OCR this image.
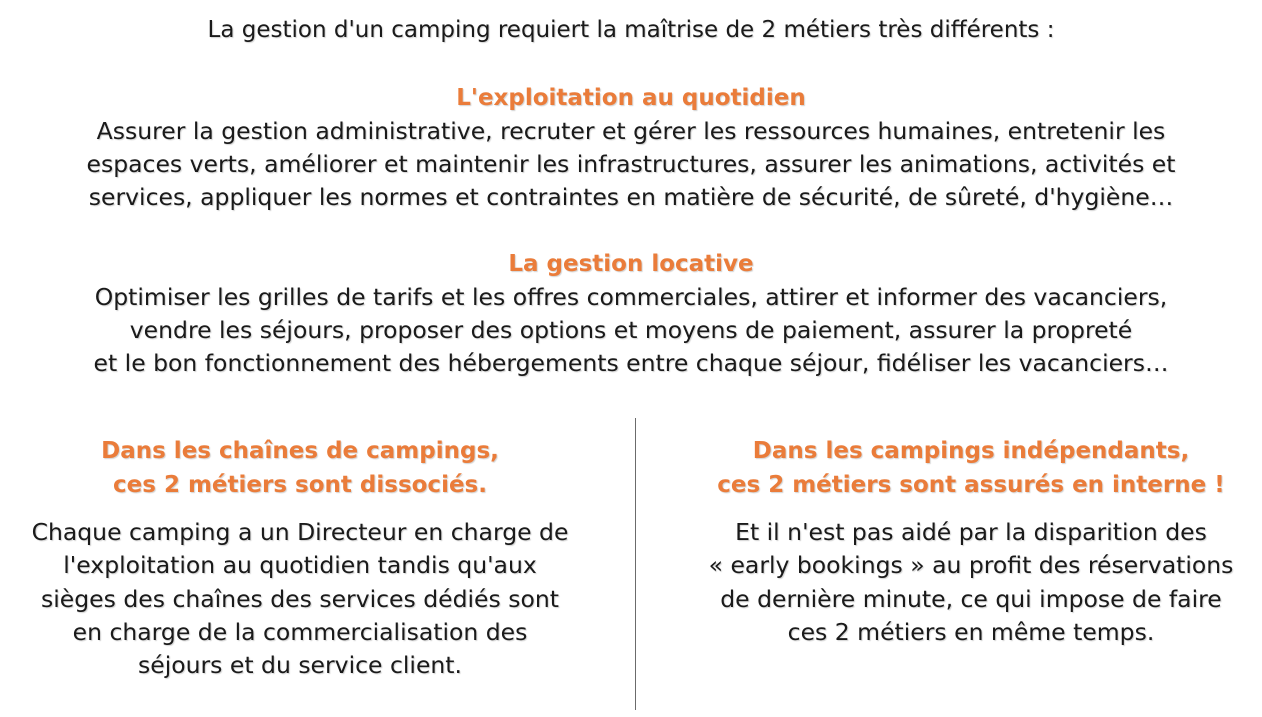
La gestion d'un camping requiert la maîtrise de 2 métiers très différents :
L'exploitation au quotidien
Assurer la gestion administrative, recruter et gérer les ressources humaines, entretenir les
espaces verts, améliorer et maintenir les infrastructures, assurer les animations, activités et
services, appliquer les normes et contraintes en matière de sécurité, de sûreté, d'hygiène…
La gestion locative
Optimiser les grilles de tarifs et les offres commerciales, attirer et informer des vacanciers,
vendre les séjours, proposer des options et moyens de paiement, assurer la propreté
et le bon fonctionnement des hébergements entre chaque séjour, fidéliser les vacanciers…
Dans les chaînes de campings,
ces 2 métiers sont dissociés.
Chaque camping a un Directeur en charge de
l'exploitation au quotidien tandis qu'aux
sièges des chaînes des services dédiés sont
en charge de la commercialisation des
séjours et du service client.
Dans les campings indépendants,
ces 2 métiers sont assurés en interne !
Et il n'est pas aidé par la disparition des
« early bookings » au profit des réservations
de dernière minute, ce qui impose de faire
ces 2 métiers en même temps.
